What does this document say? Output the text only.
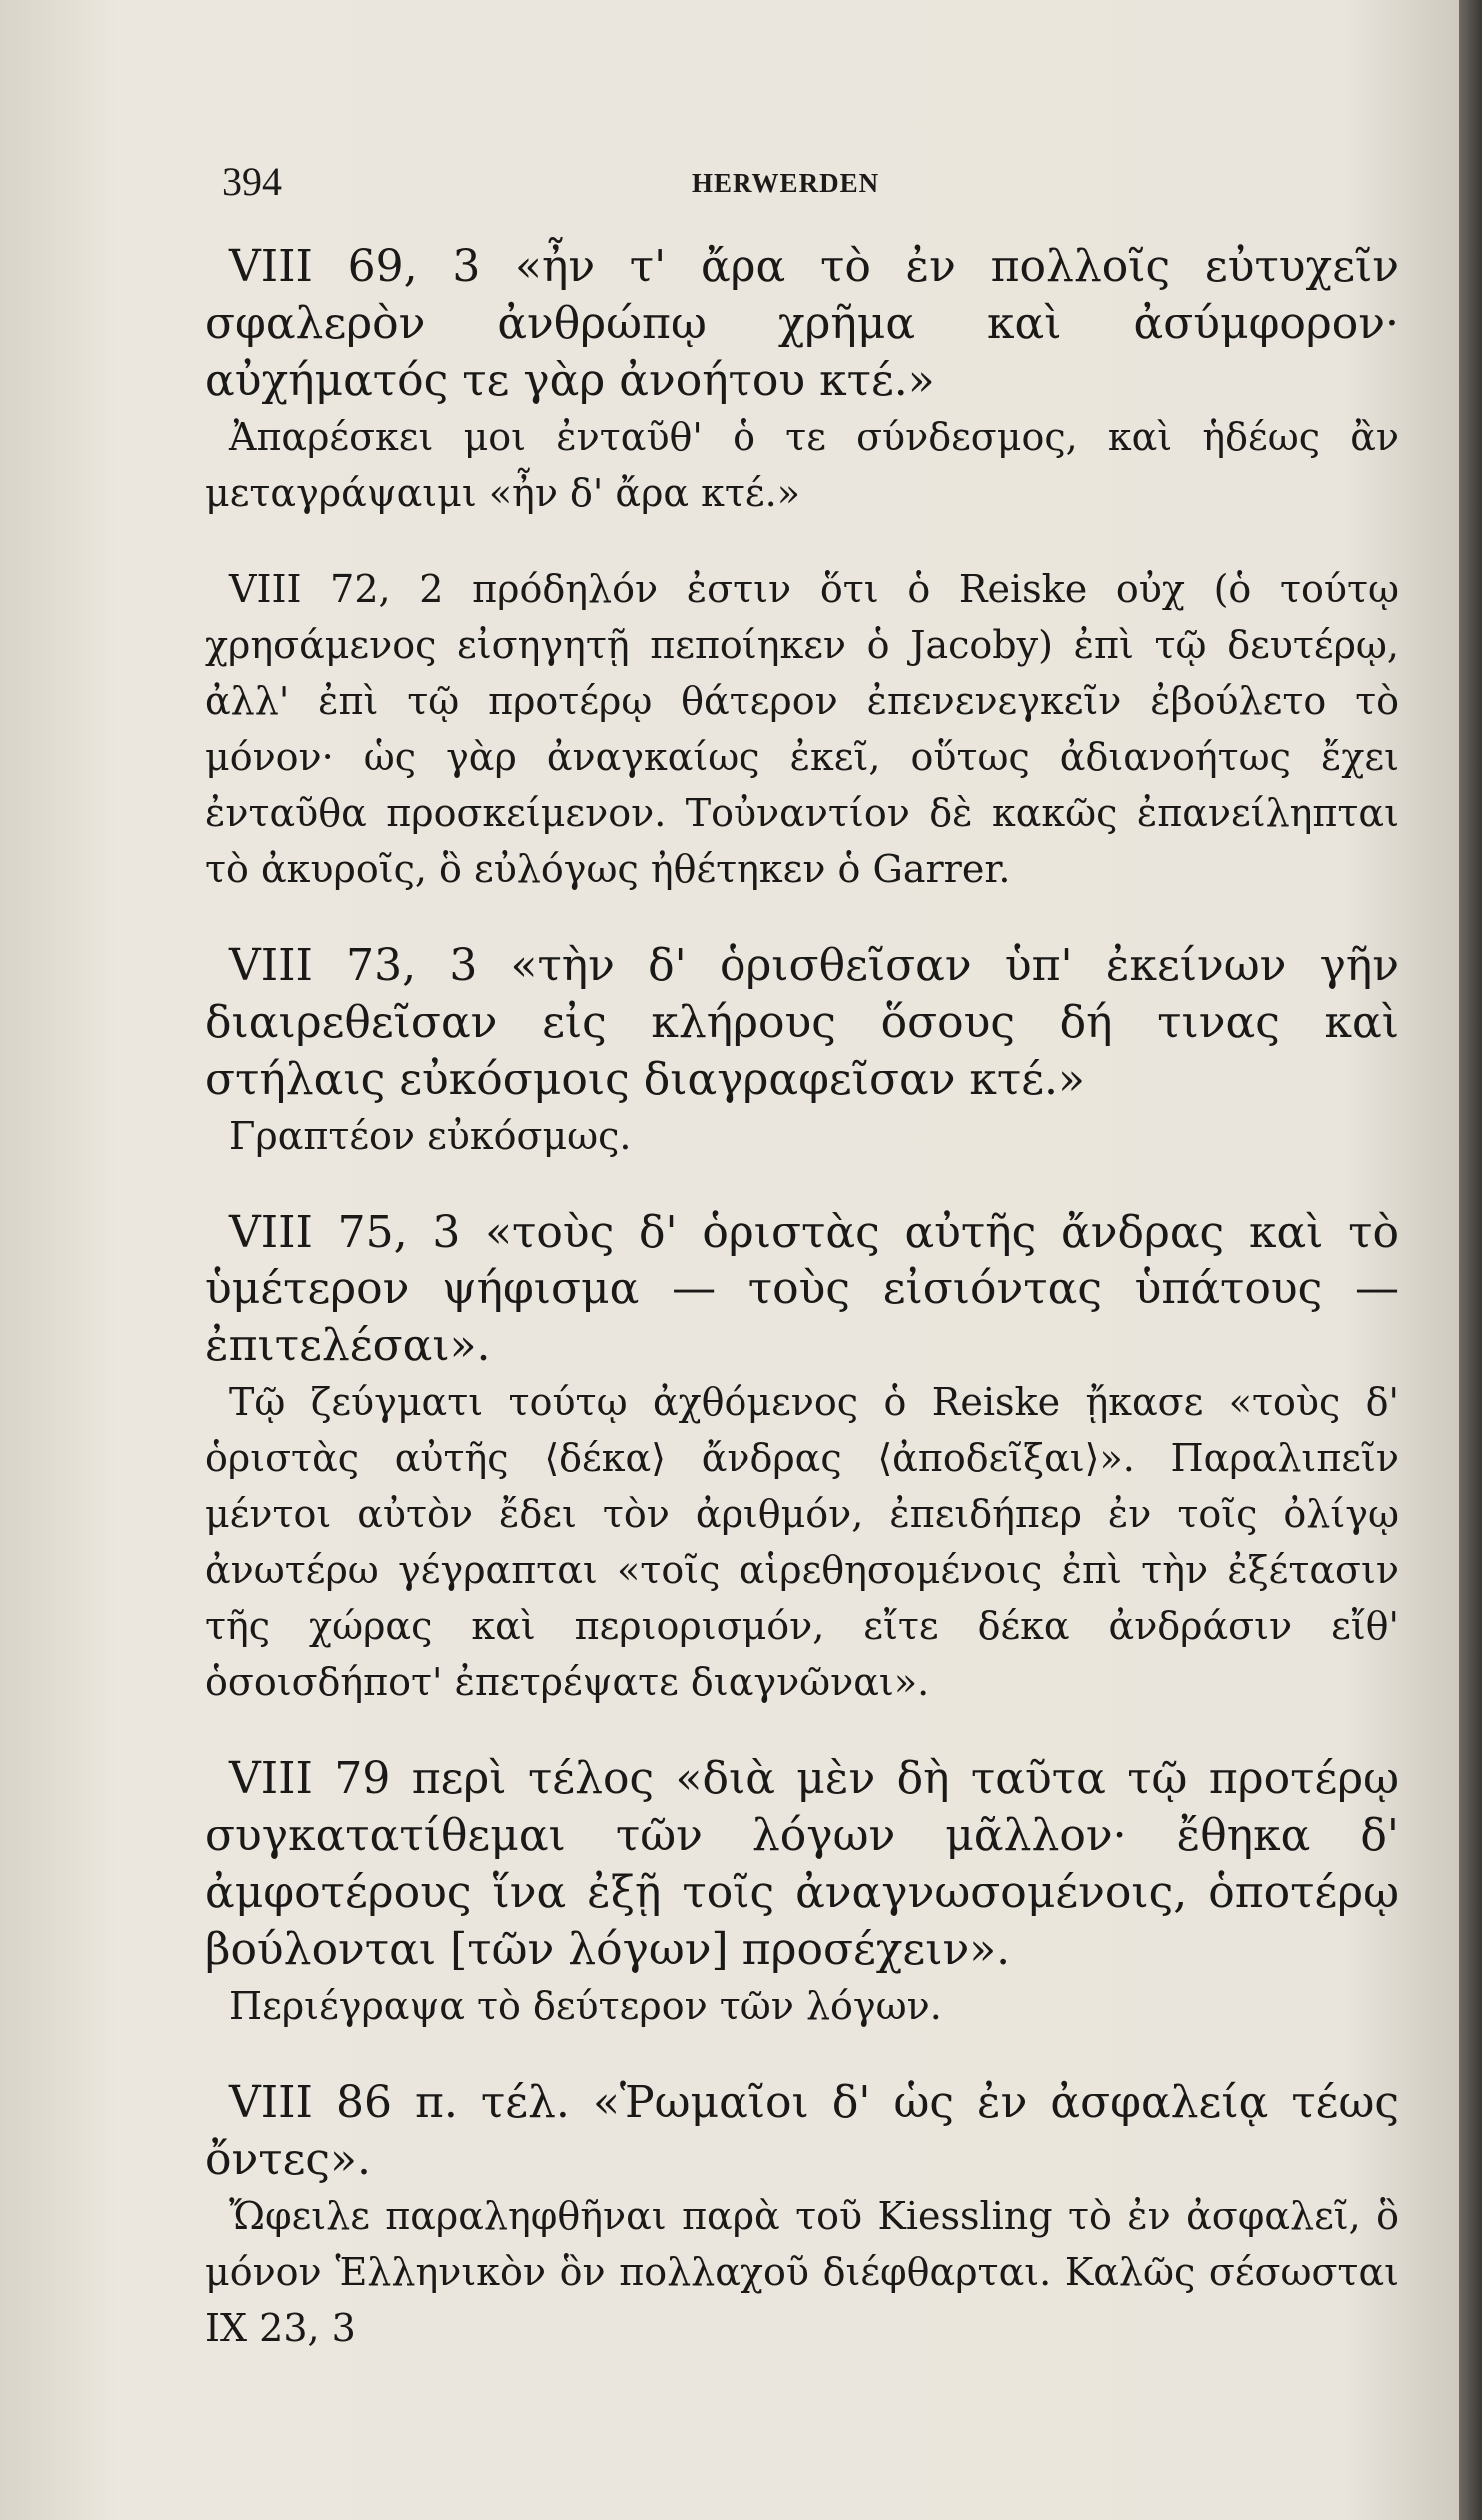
394	HERWERDEN

VIII 69, 3 «ἦν τ' ἄρα τὸ ἐν πολλοῖς εὐτυχεῖν σφαλερὸν ἀνθρώπῳ χρῆμα καὶ ἀσύμφορον· αὐχήματός τε γὰρ ἀνοήτου κτέ.»

Ἀπαρέσκει μοι ἐνταῦθ' ὁ τε σύνδεσμος, καὶ ἡδέως ἂν μεταγράψαιμι «ἦν δ' ἄρα κτέ.»

VIII 72, 2 πρόδηλόν ἐστιν ὅτι ὁ Reiske οὐχ (ὁ τούτῳ χρησάμενος εἰσηγητῇ πεποίηκεν ὁ Jacoby) ἐπὶ τῷ δευτέρῳ, ἀλλ' ἐπὶ τῷ προτέρῳ θάτερον ἐπενενεγκεῖν ἐβούλετο τὸ μόνον· ὡς γὰρ ἀναγκαίως ἐκεῖ, οὕτως ἀδιανοήτως ἔχει ἐνταῦθα προσκείμενον. Τοὐναντίον δὲ κακῶς ἐπανείληπται τὸ ἀκυροῖς, ὃ εὐλόγως ἠθέτηκεν ὁ Garrer.

VIII 73, 3 «τὴν δ' ὁρισθεῖσαν ὑπ' ἐκείνων γῆν διαιρεθεῖσαν εἰς κλήρους ὅσους δή τινας καὶ στήλαις εὐκόσμοις διαγραφεῖσαν κτέ.»

Γραπτέον εὐκόσμως.

VIII 75, 3 «τοὺς δ' ὁριστὰς αὐτῆς ἄνδρας καὶ τὸ ὑμέτερον ψήφισμα — τοὺς εἰσιόντας ὑπάτους — ἐπιτελέσαι».

Τῷ ζεύγματι τούτῳ ἀχθόμενος ὁ Reiske ᾔκασε «τοὺς δ' ὁριστὰς αὐτῆς ⟨δέκα⟩ ἄνδρας ⟨ἀποδεῖξαι⟩». Παραλιπεῖν μέντοι αὐτὸν ἔδει τὸν ἀριθμόν, ἐπειδήπερ ἐν τοῖς ὀλίγῳ ἀνωτέρω γέγραπται «τοῖς αἱρεθησομένοις ἐπὶ τὴν ἐξέτασιν τῆς χώρας καὶ περιορισμόν, εἴτε δέκα ἀνδράσιν εἴθ' ὁσοισδήποτ' ἐπετρέψατε διαγνῶναι».

VIII 79 περὶ τέλος «διὰ μὲν δὴ ταῦτα τῷ προτέρῳ συγκατατίθεμαι τῶν λόγων μᾶλλον· ἔθηκα δ' ἀμφοτέρους ἵνα ἐξῇ τοῖς ἀναγνωσομένοις, ὁποτέρῳ βούλονται [τῶν λόγων] προσέχειν».

Περιέγραψα τὸ δεύτερον τῶν λόγων.

VIII 86 π. τέλ. «Ῥωμαῖοι δ' ὡς ἐν ἀσφαλείᾳ τέως ὄντες».

Ὤφειλε παραληφθῆναι παρὰ τοῦ Kiessling τὸ ἐν ἀσφαλεῖ, ὃ μόνον Ἑλληνικὸν ὃν πολλαχοῦ διέφθαρται. Καλῶς σέσωσται IX 23, 3
